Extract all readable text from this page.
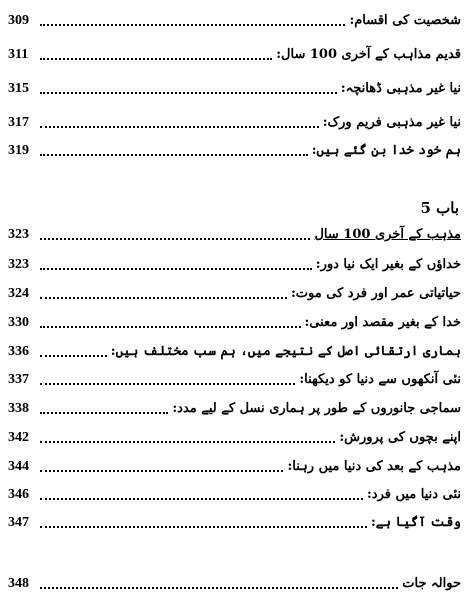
309	شخصیت کی اقسام:
311	قدیم مذاہب کے آخری 100 سال:
315	نیا غیر مذہبی ڈھانچہ:
317	نیا غیر مذہبی فریم ورک:
319	ہم خود خدا بن گئے ہیں:
باب 5
323	مذہب کے آخری 100 سال
323	خداؤں کے بغیر ایک نیا دور:
324	حیاتیاتی عمر اور فرد کی موت:
330	خدا کے بغیر مقصد اور معنی:
336	ہماری ارتقائی اصل کے نتیجے میں، ہم سب مختلف ہیں:
337	نئی آنکھوں سے دنیا کو دیکھنا:
338	سماجی جانوروں کے طور پر ہماری نسل کے لیے مدد:
342	اپنے بچوں کی پرورش:
344	مذہب کے بعد کی دنیا میں رہنا:
346	نئی دنیا میں فرد:
347	وقت آگیا ہے:
348	حوالہ جات
